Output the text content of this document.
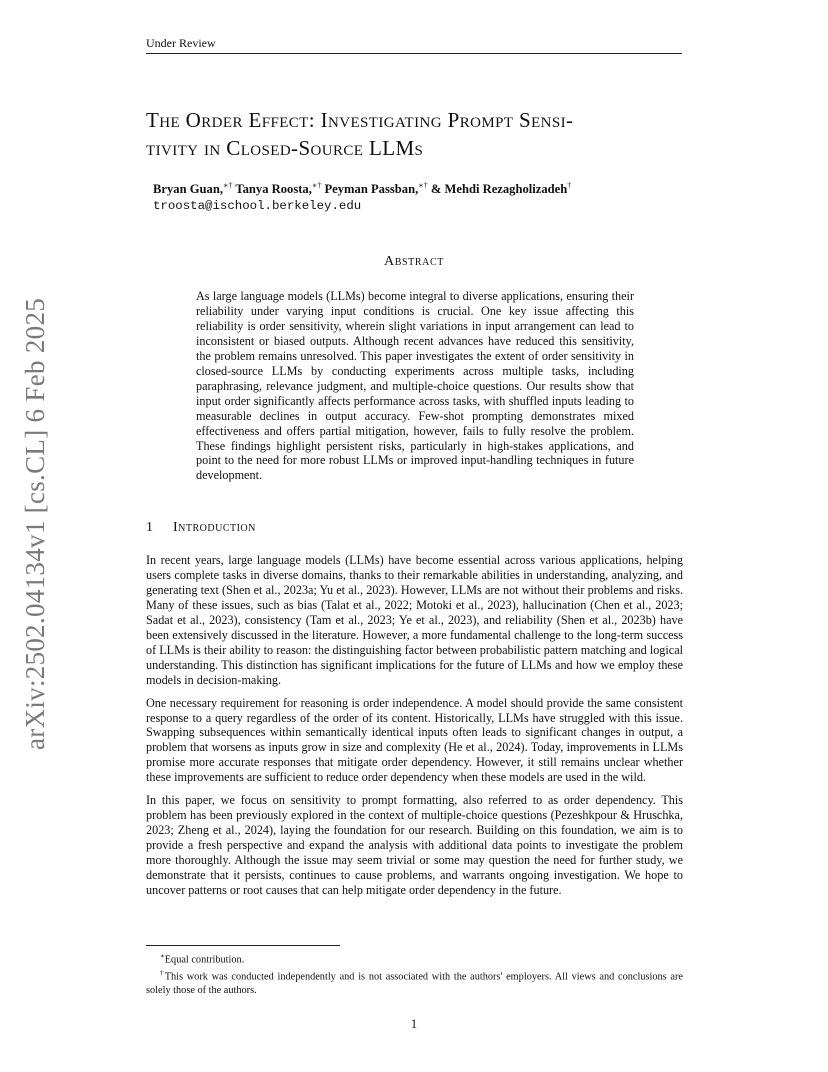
Under Review
arXiv:2502.04134v1 [cs.CL] 6 Feb 2025
The Order Effect: Investigating Prompt Sensi-
tivity in Closed-Source LLMs
Bryan Guan,∗† Tanya Roosta,∗† Peyman Passban,∗† & Mehdi Rezagholizadeh†
troosta@ischool.berkeley.edu
Abstract
As large language models (LLMs) become integral to diverse applications, ensuring their reliability under varying input conditions is crucial. One key issue affecting this reliability is order sensitivity, wherein slight variations in input arrangement can lead to inconsistent or biased outputs. Although recent advances have reduced this sensitivity, the problem remains unresolved. This paper investigates the extent of order sensitivity in closed-source LLMs by conducting experiments across multiple tasks, including paraphrasing, relevance judgment, and multiple-choice questions. Our results show that input order significantly affects performance across tasks, with shuffled inputs leading to measurable declines in output accuracy. Few-shot prompting demonstrates mixed effectiveness and offers partial mitigation, however, fails to fully resolve the problem. These findings highlight persistent risks, particularly in high-stakes applications, and point to the need for more robust LLMs or improved input-handling techniques in future development.
1 Introduction

In recent years, large language models (LLMs) have become essential across various applications, helping users complete tasks in diverse domains, thanks to their remarkable abilities in understanding, analyzing, and generating text (Shen et al., 2023a; Yu et al., 2023). However, LLMs are not without their problems and risks. Many of these issues, such as bias (Talat et al., 2022; Motoki et al., 2023), hallucination (Chen et al., 2023; Sadat et al., 2023), consistency (Tam et al., 2023; Ye et al., 2023), and reliability (Shen et al., 2023b) have been extensively discussed in the literature. However, a more fundamental challenge to the long-term success of LLMs is their ability to reason: the distinguishing factor between probabilistic pattern matching and logical understanding. This distinction has significant implications for the future of LLMs and how we employ these models in decision-making.

One necessary requirement for reasoning is order independence. A model should provide the same consistent response to a query regardless of the order of its content. Historically, LLMs have struggled with this issue. Swapping subsequences within semantically identical inputs often leads to significant changes in output, a problem that worsens as inputs grow in size and complexity (He et al., 2024). Today, improvements in LLMs promise more accurate responses that mitigate order dependency. However, it still remains unclear whether these improvements are sufficient to reduce order dependency when these models are used in the wild.

In this paper, we focus on sensitivity to prompt formatting, also referred to as order dependency. This problem has been previously explored in the context of multiple-choice questions (Pezeshkpour & Hruschka, 2023; Zheng et al., 2024), laying the foundation for our research. Building on this foundation, we aim is to provide a fresh perspective and expand the analysis with additional data points to investigate the problem more thoroughly. Although the issue may seem trivial or some may question the need for further study, we demonstrate that it persists, continues to cause problems, and warrants ongoing investigation. We hope to uncover patterns or root causes that can help mitigate order dependency in the future.

∗Equal contribution.

†This work was conducted independently and is not associated with the authors' employers. All views and conclusions are solely those of the authors.

1
